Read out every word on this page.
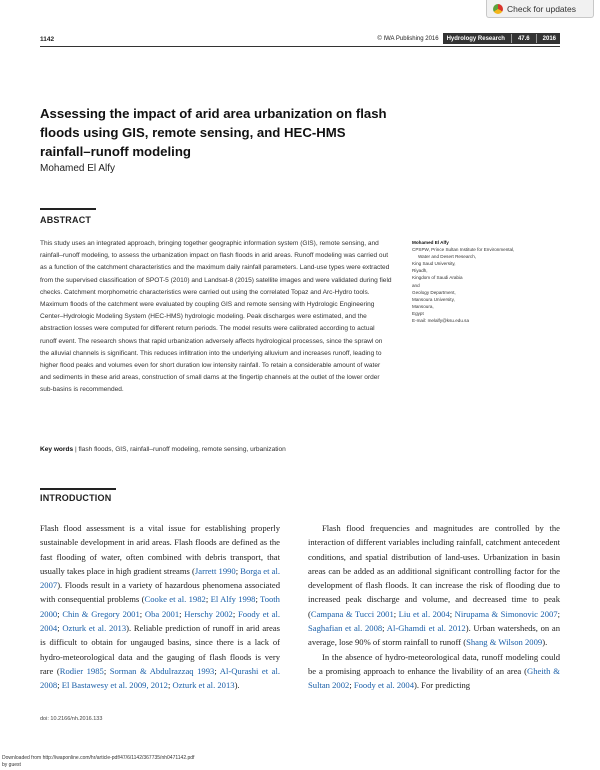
Check for updates
1142	© IWA Publishing 2016 Hydrology Research 47.6 2016
Assessing the impact of arid area urbanization on flash floods using GIS, remote sensing, and HEC-HMS rainfall–runoff modeling
Mohamed El Alfy
ABSTRACT
This study uses an integrated approach, bringing together geographic information system (GIS), remote sensing, and rainfall–runoff modeling, to assess the urbanization impact on flash floods in arid areas. Runoff modeling was carried out as a function of the catchment characteristics and the maximum daily rainfall parameters. Land-use types were extracted from the supervised classification of SPOT-5 (2010) and Landsat-8 (2015) satellite images and were validated during field checks. Catchment morphometric characteristics were carried out using the correlated Topaz and Arc-Hydro tools. Maximum floods of the catchment were evaluated by coupling GIS and remote sensing with Hydrologic Engineering Center–Hydrologic Modeling System (HEC-HMS) hydrologic modeling. Peak discharges were estimated, and the abstraction losses were computed for different return periods. The model results were calibrated according to actual runoff event. The research shows that rapid urbanization adversely affects hydrological processes, since the sprawl on the alluvial channels is significant. This reduces infiltration into the underlying alluvium and increases runoff, leading to higher flood peaks and volumes even for short duration low intensity rainfall. To retain a considerable amount of water and sediments in these arid areas, construction of small dams at the fingertip channels at the outlet of the lower order sub-basins is recommended.
Key words | flash floods, GIS, rainfall–runoff modeling, remote sensing, urbanization
Mohamed El Alfy
CPSPW, Prince Sultan Institute for Environmental,
Water and Desert Research,
King Saud University,
Riyadh,
Kingdom of Saudi Arabia
and
Geology Department,
Mansoura University,
Mansoura,
Egypt
E-mail: melalfy@ksu.edu.sa
INTRODUCTION

Flash flood assessment is a vital issue for establishing properly sustainable development in arid areas. Flash floods are defined as the fast flooding of water, often combined with debris transport, that usually takes place in high gradient streams (Jarrett 1990; Borga et al. 2007). Floods result in a variety of hazardous phenomena associated with consequential problems (Cooke et al. 1982; El Alfy 1998; Tooth 2000; Chin & Gregory 2001; Oba 2001; Herschy 2002; Foody et al. 2004; Ozturk et al. 2013). Reliable prediction of runoff in arid areas is difficult to obtain for ungauged basins, since there is a lack of hydro-meteorological data and the gauging of flash floods is very rare (Rodier 1985; Sorman & Abdulrazzaq 1993; Al-Qurashi et al. 2008; El Bastawesy et al. 2009, 2012; Ozturk et al. 2013).

Flash flood frequencies and magnitudes are controlled by the interaction of different variables including rainfall, catchment antecedent conditions, and spatial distribution of land-uses. Urbanization in basin areas can be added as an additional significant controlling factor for the development of flash floods. It can increase the risk of flooding due to increased peak discharge and volume, and decreased time to peak (Campana & Tucci 2001; Liu et al. 2004; Nirupama & Simonovic 2007; Saghafian et al. 2008; Al-Ghamdi et al. 2012). Urban watersheds, on an average, lose 90% of storm rainfall to runoff (Shang & Wilson 2009).

In the absence of hydro-meteorological data, runoff modeling could be a promising approach to enhance the livability of an area (Gheith & Sultan 2002; Foody et al. 2004). For predicting

doi: 10.2166/nh.2016.133
Downloaded from http://iwaponline.com/hr/article-pdf/47/6/1142/367735/nh0471142.pdf
by guest
